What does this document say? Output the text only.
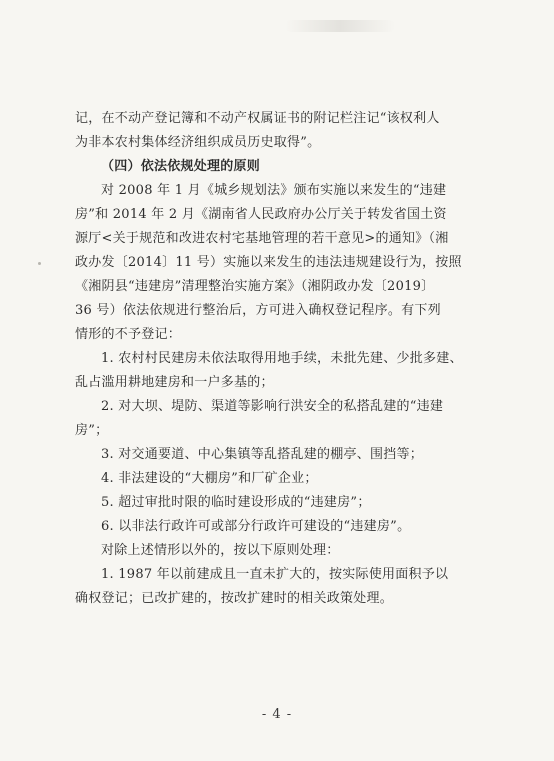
记，在不动产登记簿和不动产权属证书的附记栏注记“该权利人
为非本农村集体经济组织成员历史取得”。
（四）依法依规处理的原则
对 2008 年 1 月《城乡规划法》颁布实施以来发生的“违建
房”和 2014 年 2 月《湖南省人民政府办公厅关于转发省国土资
源厅<关于规范和改进农村宅基地管理的若干意见>的通知》（湘
政办发〔2014〕11 号）实施以来发生的违法违规建设行为，按照
《湘阴县“违建房”清理整治实施方案》（湘阴政办发〔2019〕
36 号）依法依规进行整治后，方可进入确权登记程序。有下列
情形的不予登记：
1. 农村村民建房未依法取得用地手续，未批先建、少批多建、
乱占滥用耕地建房和一户多基的；
2. 对大坝、堤防、渠道等影响行洪安全的私搭乱建的“违建
房”；
3. 对交通要道、中心集镇等乱搭乱建的棚亭、围挡等；
4. 非法建设的“大棚房”和厂矿企业；
5. 超过审批时限的临时建设形成的“违建房”；
6. 以非法行政许可或部分行政许可建设的“违建房”。
对除上述情形以外的，按以下原则处理：
1. 1987 年以前建成且一直未扩大的，按实际使用面积予以
确权登记；已改扩建的，按改扩建时的相关政策处理。
- 4 -
